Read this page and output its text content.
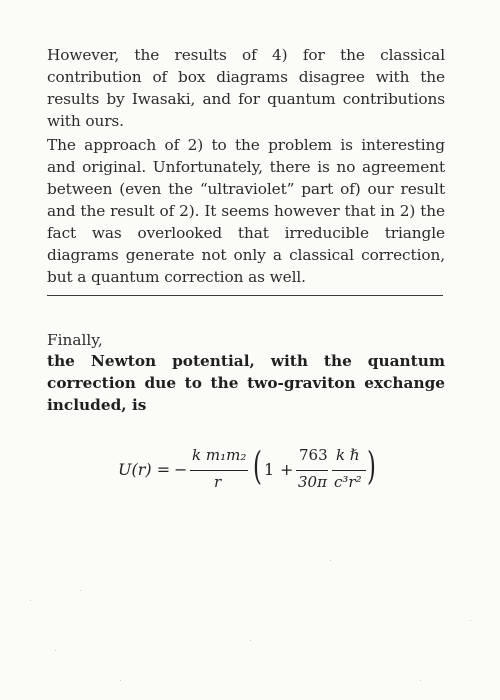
However, the results of 4) for the classical contribution of box diagrams disagree with the results by Iwasaki, and for quantum contributions with ours.
The approach of 2) to the problem is interesting and original. Unfortunately, there is no agreement between (even the “ultraviolet” part of) our result and the result of 2). It seems however that in 2) the fact was overlooked that irreducible triangle diagrams generate not only a classical correction, but a quantum correction as well.
Finally,
the Newton potential, with the quantum correction due to the two-graviton exchange included, is
U(r) = −
k m₁m₂
r ( 1 +
763
30π
k ℏ
c³r² )
